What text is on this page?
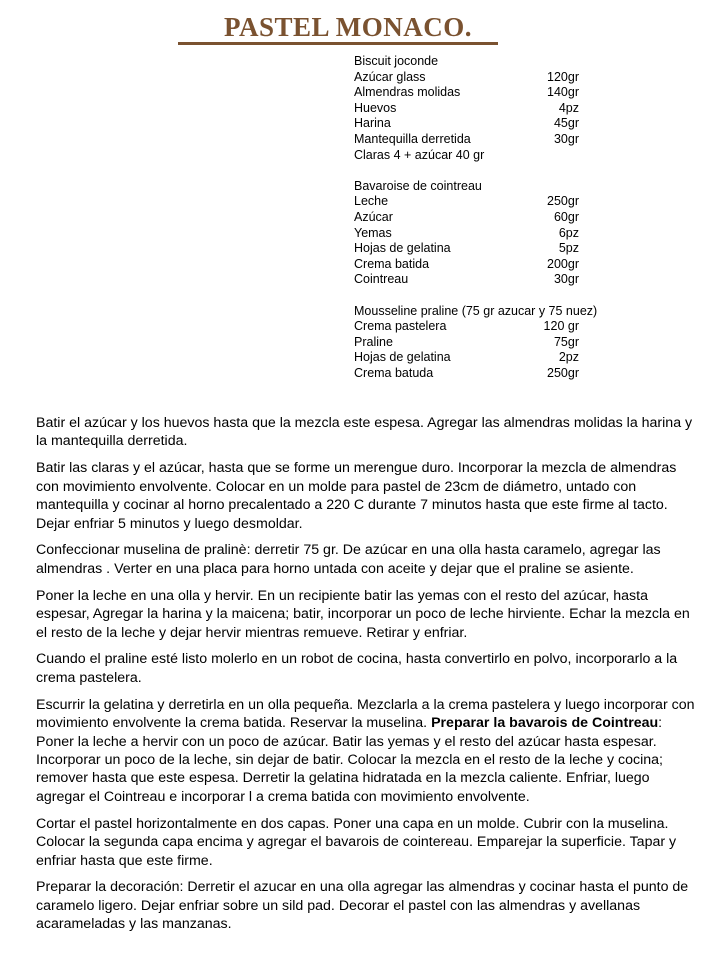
PASTEL MONACO.
Biscuit joconde
Azúcar glass	120gr
Almendras molidas	140gr
Huevos	4pz
Harina	45gr
Mantequilla derretida	30gr
Claras 4 + azúcar 40 gr
Bavaroise de cointreau
Leche	250gr
Azúcar	60gr
Yemas	6pz
Hojas de gelatina	5pz
Crema batida	200gr
Cointreau	30gr
Mousseline praline (75 gr azucar y 75 nuez)
Crema pastelera	120 gr
Praline	75gr
Hojas de gelatina	2pz
Crema batuda	250gr

Batir el azúcar y los huevos hasta que la mezcla este espesa. Agregar las almendras molidas la harina y la mantequilla derretida.

Batir las claras y el azúcar, hasta que se forme un merengue duro. Incorporar la mezcla de almendras con movimiento envolvente. Colocar en un molde para pastel de 23cm de diámetro, untado con mantequilla y cocinar al horno precalentado a 220 C durante 7 minutos hasta que este firme al tacto. Dejar enfriar 5 minutos y luego desmoldar.

Confeccionar muselina de pralinè: derretir 75 gr. De azúcar en una olla hasta caramelo, agregar las almendras . Verter en una placa para horno untada con aceite y dejar que el praline se asiente.

Poner la leche en una olla y hervir. En un recipiente batir las yemas con el resto del azúcar, hasta espesar, Agregar la harina y la maicena; batir, incorporar un poco de leche hirviente. Echar la mezcla en el resto de la leche y dejar hervir mientras remueve. Retirar y enfriar.

Cuando el praline esté listo molerlo en un robot de cocina, hasta convertirlo en polvo, incorporarlo a la crema pastelera.

Escurrir la gelatina y derretirla en un olla pequeña. Mezclarla a la crema pastelera y luego incorporar con movimiento envolvente la crema batida. Reservar la muselina. Preparar la bavarois de Cointreau: Poner la leche a hervir con un poco de azúcar. Batir las yemas y el resto del azúcar hasta espesar. Incorporar un poco de la leche, sin dejar de batir. Colocar la mezcla en el resto de la leche y cocina; remover hasta que este espesa. Derretir la gelatina hidratada en la mezcla caliente. Enfriar, luego agregar el Cointreau e incorporar l a crema batida con movimiento envolvente.

Cortar el pastel horizontalmente en dos capas. Poner una capa en un molde. Cubrir con la muselina. Colocar la segunda capa encima y agregar el bavarois de cointereau. Emparejar la superficie. Tapar y enfriar hasta que este firme.

Preparar la decoración: Derretir el azucar en una olla agregar las almendras y cocinar hasta el punto de caramelo ligero. Dejar enfriar sobre un sild pad. Decorar el pastel con las almendras y avellanas acarameladas y las manzanas.
